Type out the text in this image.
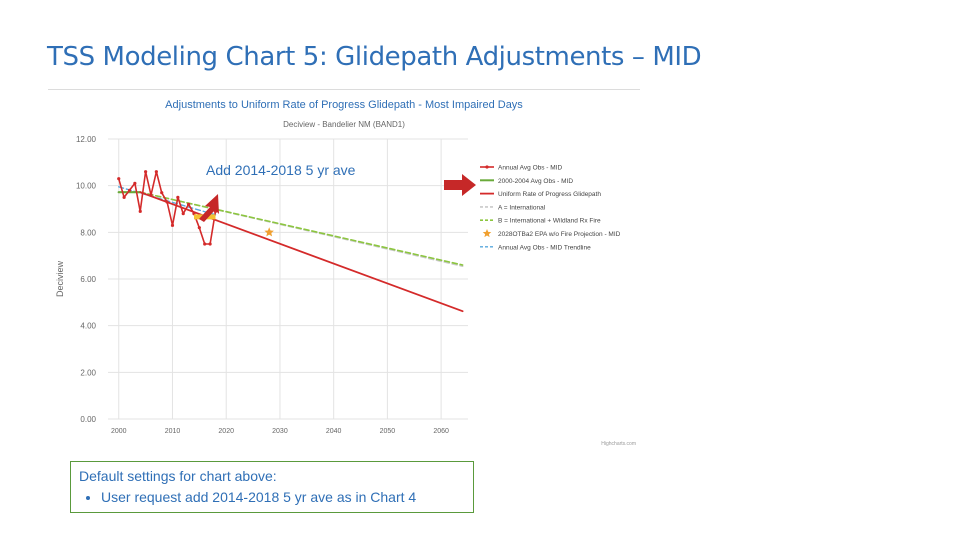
TSS Modeling Chart 5: Glidepath Adjustments – MID
Adjustments to Uniform Rate of Progress Glidepath - Most Impaired Days
Deciview - Bandelier NM (BAND1)
Deciview
0.00
2.00
4.00
6.00
8.00
10.00
12.00
2000	2010	2020	2030	2040	2050	2060
Add 2014-2018 5 yr ave	Annual Avg Obs - MID
2000-2004 Avg Obs - MID
Uniform Rate of Progress Glidepath
A = International
B = International + Wildland Rx Fire
2028OTBa2 EPA w/o Fire Projection - MID
Annual Avg Obs - MID Trendline
Highcharts.com
Default settings for chart above:
• User request add 2014-2018 5 yr ave as in Chart 4
